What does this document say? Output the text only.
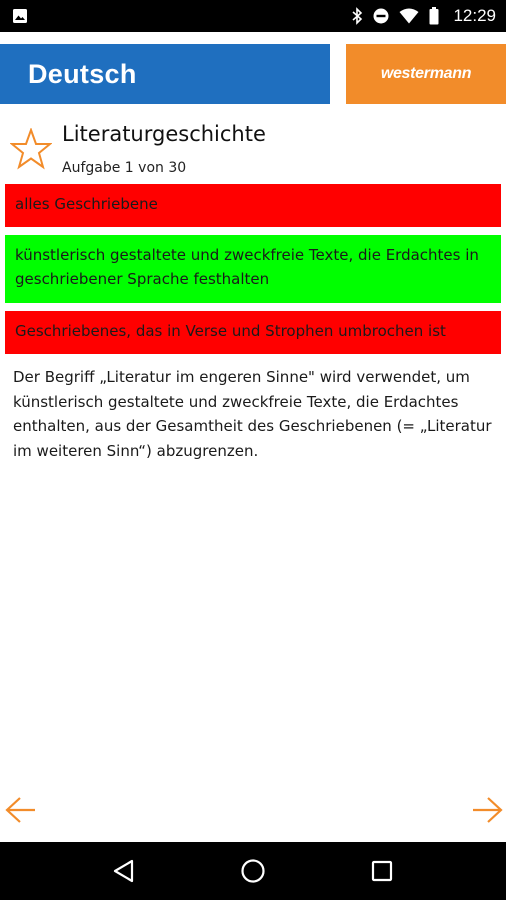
12:29
Deutsch	westermann
Literaturgeschichte
Aufgabe 1 von 30
alles Geschriebene
künstlerisch gestaltete und zweckfreie Texte, die Erdachtes in geschriebener Sprache festhalten
Geschriebenes, das in Verse und Strophen umbrochen ist
Der Begriff „Literatur im engeren Sinne" wird verwendet, um künstlerisch gestaltete und zweckfreie Texte, die Erdachtes enthalten, aus der Gesamtheit des Geschriebenen (= „Literatur im weiteren Sinn“) abzugrenzen.
